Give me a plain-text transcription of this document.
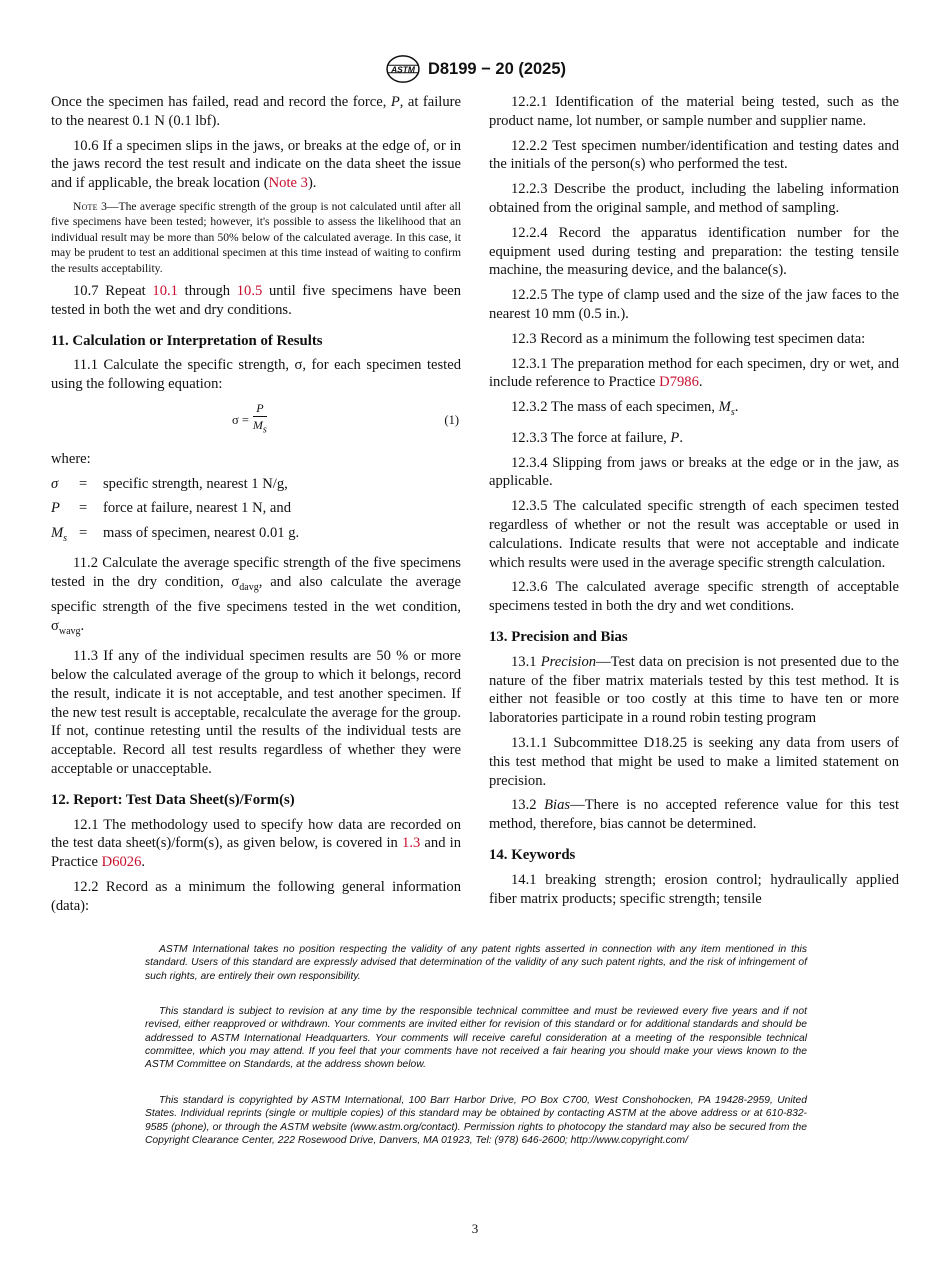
ASTM D8199 − 20 (2025)

Once the specimen has failed, read and record the force, P, at failure to the nearest 0.1 N (0.1 lbf).

10.6 If a specimen slips in the jaws, or breaks at the edge of, or in the jaws record the test result and indicate on the data sheet the issue and if applicable, the break location (Note 3).

Note 3—The average specific strength of the group is not calculated until after all five specimens have been tested; however, it's possible to assess the likelihood that an individual result may be more than 50% below of the calculated average. In this case, it may be prudent to test an additional specimen at this time instead of waiting to confirm the results acceptability.

10.7 Repeat 10.1 through 10.5 until five specimens have been tested in both the wet and dry conditions.

11. Calculation or Interpretation of Results

11.1 Calculate the specific strength, σ, for each specimen tested using the following equation:

$\sigma = \frac{P}{M_s}$	(1)

where:

σ	=	specific strength, nearest 1 N/g,
P	=	force at failure, nearest 1 N, and
$M_s$ =	mass of specimen, nearest 0.01 g.

11.2 Calculate the average specific strength of the five specimens tested in the dry condition, $\sigma_{davg}$, and also calculate the average specific strength of the five specimens tested in the wet condition, $\sigma_{wavg}$.

11.3 If any of the individual specimen results are 50 % or more below the calculated average of the group to which it belongs, record the result, indicate it is not acceptable, and test another specimen. If the new test result is acceptable, recalculate the average for the group. If not, continue retesting until the results of the individual tests are acceptable. Record all test results regardless of whether they were acceptable or unacceptable.

12. Report: Test Data Sheet(s)/Form(s)

12.1 The methodology used to specify how data are recorded on the test data sheet(s)/form(s), as given below, is covered in 1.3 and in Practice D6026.

12.2 Record as a minimum the following general information (data):

12.2.1 Identification of the material being tested, such as the product name, lot number, or sample number and supplier name.

12.2.2 Test specimen number/identification and testing dates and the initials of the person(s) who performed the test.

12.2.3 Describe the product, including the labeling information obtained from the original sample, and method of sampling.

12.2.4 Record the apparatus identification number for the equipment used during testing and preparation: the testing tensile machine, the measuring device, and the balance(s).

12.2.5 The type of clamp used and the size of the jaw faces to the nearest 10 mm (0.5 in.).

12.3 Record as a minimum the following test specimen data:

12.3.1 The preparation method for each specimen, dry or wet, and include reference to Practice D7986.

12.3.2 The mass of each specimen, $M_s$.

12.3.3 The force at failure, P.

12.3.4 Slipping from jaws or breaks at the edge or in the jaw, as applicable.

12.3.5 The calculated specific strength of each specimen tested regardless of whether or not the result was acceptable or used in calculations. Indicate results that were not acceptable and indicate which results were used in the average specific strength calculation.

12.3.6 The calculated average specific strength of acceptable specimens tested in both the dry and wet conditions.

13. Precision and Bias

13.1 Precision—Test data on precision is not presented due to the nature of the fiber matrix materials tested by this test method. It is either not feasible or too costly at this time to have ten or more laboratories participate in a round robin testing program

13.1.1 Subcommittee D18.25 is seeking any data from users of this test method that might be used to make a limited statement on precision.

13.2 Bias—There is no accepted reference value for this test method, therefore, bias cannot be determined.

14. Keywords

14.1 breaking strength; erosion control; hydraulically applied fiber matrix products; specific strength; tensile

ASTM International takes no position respecting the validity of any patent rights asserted in connection with any item mentioned in this standard. Users of this standard are expressly advised that determination of the validity of any such patent rights, and the risk of infringement of such rights, are entirely their own responsibility.

This standard is subject to revision at any time by the responsible technical committee and must be reviewed every five years and if not revised, either reapproved or withdrawn. Your comments are invited either for revision of this standard or for additional standards and should be addressed to ASTM International Headquarters. Your comments will receive careful consideration at a meeting of the responsible technical committee, which you may attend. If you feel that your comments have not received a fair hearing you should make your views known to the ASTM Committee on Standards, at the address shown below.

This standard is copyrighted by ASTM International, 100 Barr Harbor Drive, PO Box C700, West Conshohocken, PA 19428-2959, United States. Individual reprints (single or multiple copies) of this standard may be obtained by contacting ASTM at the above address or at 610-832-9585 (phone), or through the ASTM website (www.astm.org/contact). Permission rights to photocopy the standard may also be secured from the Copyright Clearance Center, 222 Rosewood Drive, Danvers, MA 01923, Tel: (978) 646-2600; http://www.copyright.com/

3
